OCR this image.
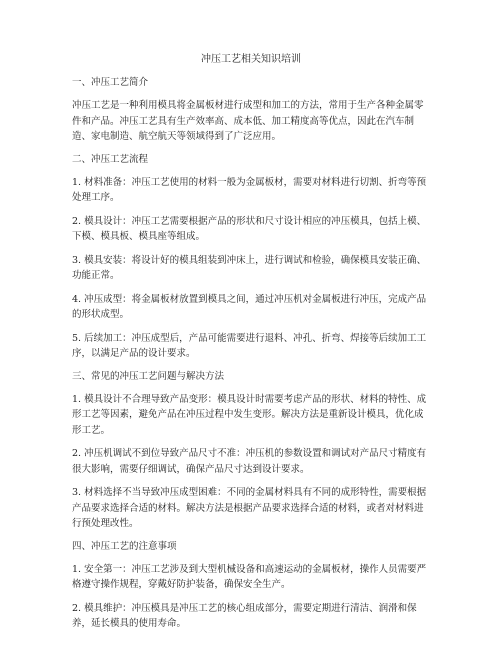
冲压工艺相关知识培训
一、冲压工艺简介

冲压工艺是一种利用模具将金属板材进行成型和加工的方法，常用于生产各种金属零件和产品。冲压工艺具有生产效率高、成本低、加工精度高等优点，因此在汽车制造、家电制造、航空航天等领域得到了广泛应用。

二、冲压工艺流程

1. 材料准备：冲压工艺使用的材料一般为金属板材，需要对材料进行切割、折弯等预处理工序。

2. 模具设计：冲压工艺需要根据产品的形状和尺寸设计相应的冲压模具，包括上模、下模、模具板、模具座等组成。

3. 模具安装：将设计好的模具组装到冲床上，进行调试和检验，确保模具安装正确、功能正常。

4. 冲压成型：将金属板材放置到模具之间，通过冲压机对金属板进行冲压，完成产品的形状成型。

5. 后续加工：冲压成型后，产品可能需要进行退料、冲孔、折弯、焊接等后续加工工序，以满足产品的设计要求。

三、常见的冲压工艺问题与解决方法

1. 模具设计不合理导致产品变形：模具设计时需要考虑产品的形状、材料的特性、成形工艺等因素，避免产品在冲压过程中发生变形。解决方法是重新设计模具，优化成形工艺。

2. 冲压机调试不到位导致产品尺寸不准：冲压机的参数设置和调试对产品尺寸精度有很大影响，需要仔细调试，确保产品尺寸达到设计要求。

3. 材料选择不当导致冲压成型困难：不同的金属材料具有不同的成形特性，需要根据产品要求选择合适的材料。解决方法是根据产品要求选择合适的材料，或者对材料进行预处理改性。

四、冲压工艺的注意事项

1. 安全第一：冲压工艺涉及到大型机械设备和高速运动的金属板材，操作人员需要严格遵守操作规程，穿戴好防护装备，确保安全生产。

2. 模具维护：冲压模具是冲压工艺的核心组成部分，需要定期进行清洁、润滑和保养，延长模具的使用寿命。
